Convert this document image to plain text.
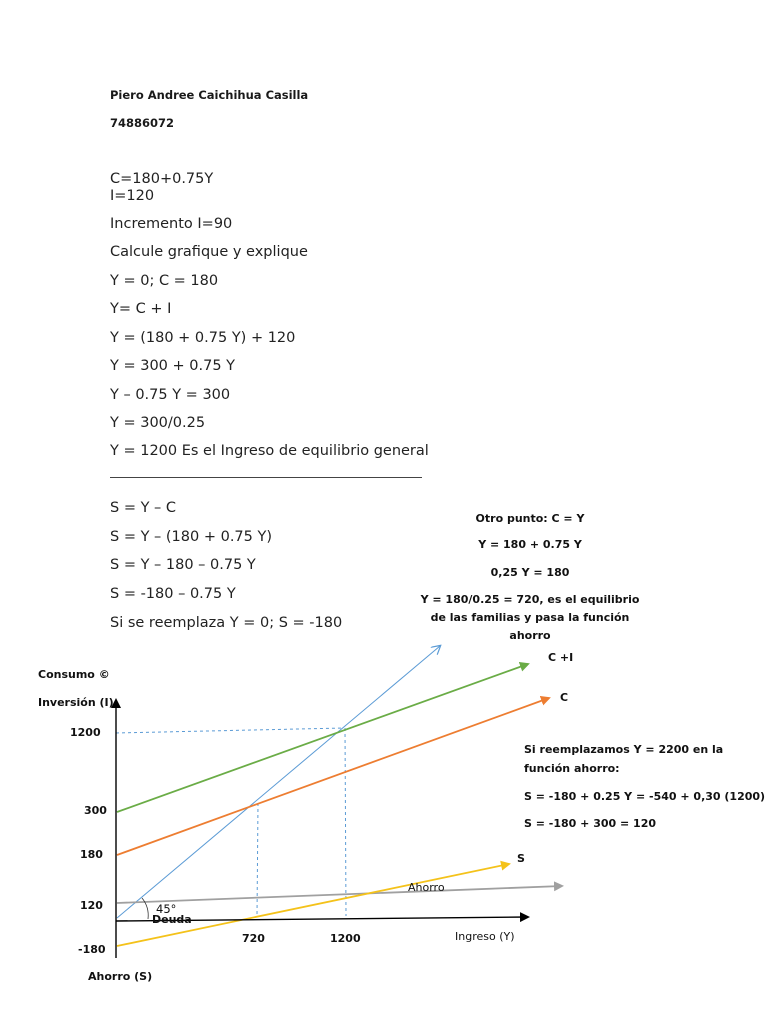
Piero Andree Caichihua Casilla
74886072
C=180+0.75Y
I=120
Incremento I=90
Calcule grafique y explique
Y = 0; C = 180
Y= C + I
Y = (180 + 0.75 Y) + 120
Y = 300 + 0.75 Y
Y – 0.75 Y = 300
Y = 300/0.25
Y = 1200 Es el Ingreso de equilibrio general
S = Y – C
S = Y – (180 + 0.75 Y)
S = Y – 180 – 0.75 Y
S = -180 – 0.75 Y
Si se reemplaza Y = 0; S = -180
Otro punto: C = Y
Y = 180 + 0.75 Y
0,25 Y = 180
Y = 180/0.25 = 720, es el equilibrio
de las familias y pasa la función
ahorro
Si reemplazamos Y = 2200 en la
función ahorro:
S = -180 + 0.25 Y = -540 + 0,30 (1200)
S = -180 + 300 = 120
Consumo ©
Inversión (I)
Ahorro (S)
Ingreso (Y)
1200
300
180
120
-180
720	1200
45°
Deuda
Ahorro
C +I
C
S
